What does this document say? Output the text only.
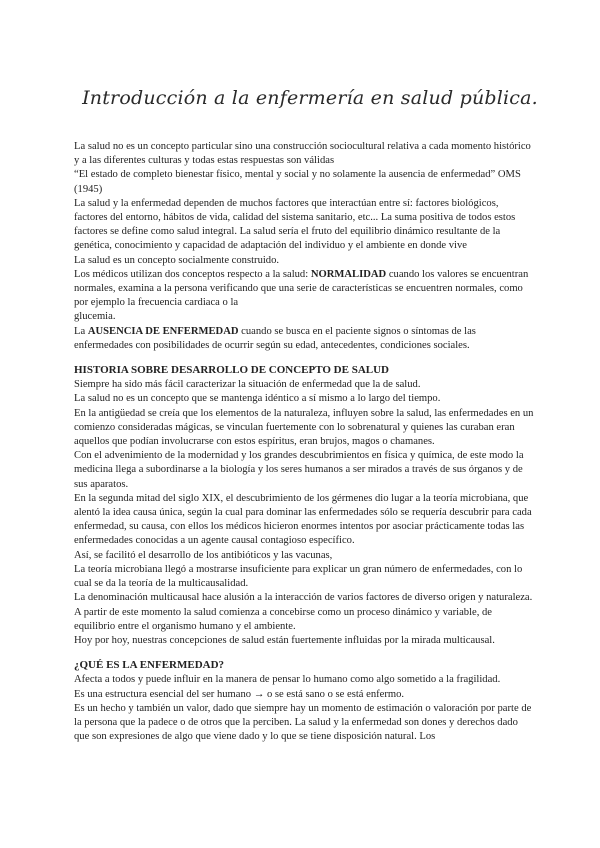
Introducción a la enfermería en salud pública.

La salud no es un concepto particular sino una construcción sociocultural relativa a cada momento histórico y a las diferentes culturas y todas estas respuestas son válidas

“El estado de completo bienestar físico, mental y social y no solamente la ausencia de enfermedad” OMS (1945)

La salud y la enfermedad dependen de muchos factores que interactúan entre sí: factores biológicos, factores del entorno, hábitos de vida, calidad del sistema sanitario, etc... La suma positiva de todos estos factores se define como salud integral. La salud sería el fruto del equilibrio dinámico resultante de la genética, conocimiento y capacidad de adaptación del individuo y el ambiente en donde vive

La salud es un concepto socialmente construido.

Los médicos utilizan dos conceptos respecto a la salud: NORMALIDAD cuando los valores se encuentran normales, examina a la persona verificando que una serie de características se encuentren normales, como por ejemplo la frecuencia cardiaca o la

glucemia.

La AUSENCIA DE ENFERMEDAD cuando se busca en el paciente signos o síntomas de las enfermedades con posibilidades de ocurrir según su edad, antecedentes, condiciones sociales.

HISTORIA SOBRE DESARROLLO DE CONCEPTO DE SALUD

Siempre ha sido más fácil caracterizar la situación de enfermedad que la de salud.

La salud no es un concepto que se mantenga idéntico a sí mismo a lo largo del tiempo.

En la antigüedad se creía que los elementos de la naturaleza, influyen sobre la salud, las enfermedades en un comienzo consideradas mágicas, se vinculan fuertemente con lo sobrenatural y quienes las curaban eran aquellos que podían involucrarse con estos espíritus, eran brujos, magos o chamanes.

Con el advenimiento de la modernidad y los grandes descubrimientos en física y química, de este modo la medicina llega a subordinarse a la biología y los seres humanos a ser mirados a través de sus órganos y de sus aparatos.

En la segunda mitad del siglo XIX, el descubrimiento de los gérmenes dio lugar a la teoría microbiana, que alentó la idea causa única, según la cual para dominar las enfermedades sólo se requería descubrir para cada enfermedad, su causa, con ellos los médicos hicieron enormes intentos por asociar prácticamente todas las enfermedades conocidas a un agente causal contagioso específico.

Así, se facilitó el desarrollo de los antibióticos y las vacunas,

La teoría microbiana llegó a mostrarse insuficiente para explicar un gran número de enfermedades, con lo cual se da la teoría de la multicausalidad.

La denominación multicausal hace alusión a la interacción de varios factores de diverso origen y naturaleza. A partir de este momento la salud comienza a concebirse como un proceso dinámico y variable, de equilibrio entre el organismo humano y el ambiente.

Hoy por hoy, nuestras concepciones de salud están fuertemente influidas por la mirada multicausal.

¿QUÉ ES LA ENFERMEDAD?

Afecta a todos y puede influir en la manera de pensar lo humano como algo sometido a la fragilidad.

Es una estructura esencial del ser humano → o se está sano o se está enfermo.

Es un hecho y también un valor, dado que siempre hay un momento de estimación o valoración por parte de la persona que la padece o de otros que la perciben. La salud y la enfermedad son dones y derechos dado que son expresiones de algo que viene dado y lo que se tiene disposición natural. Los
